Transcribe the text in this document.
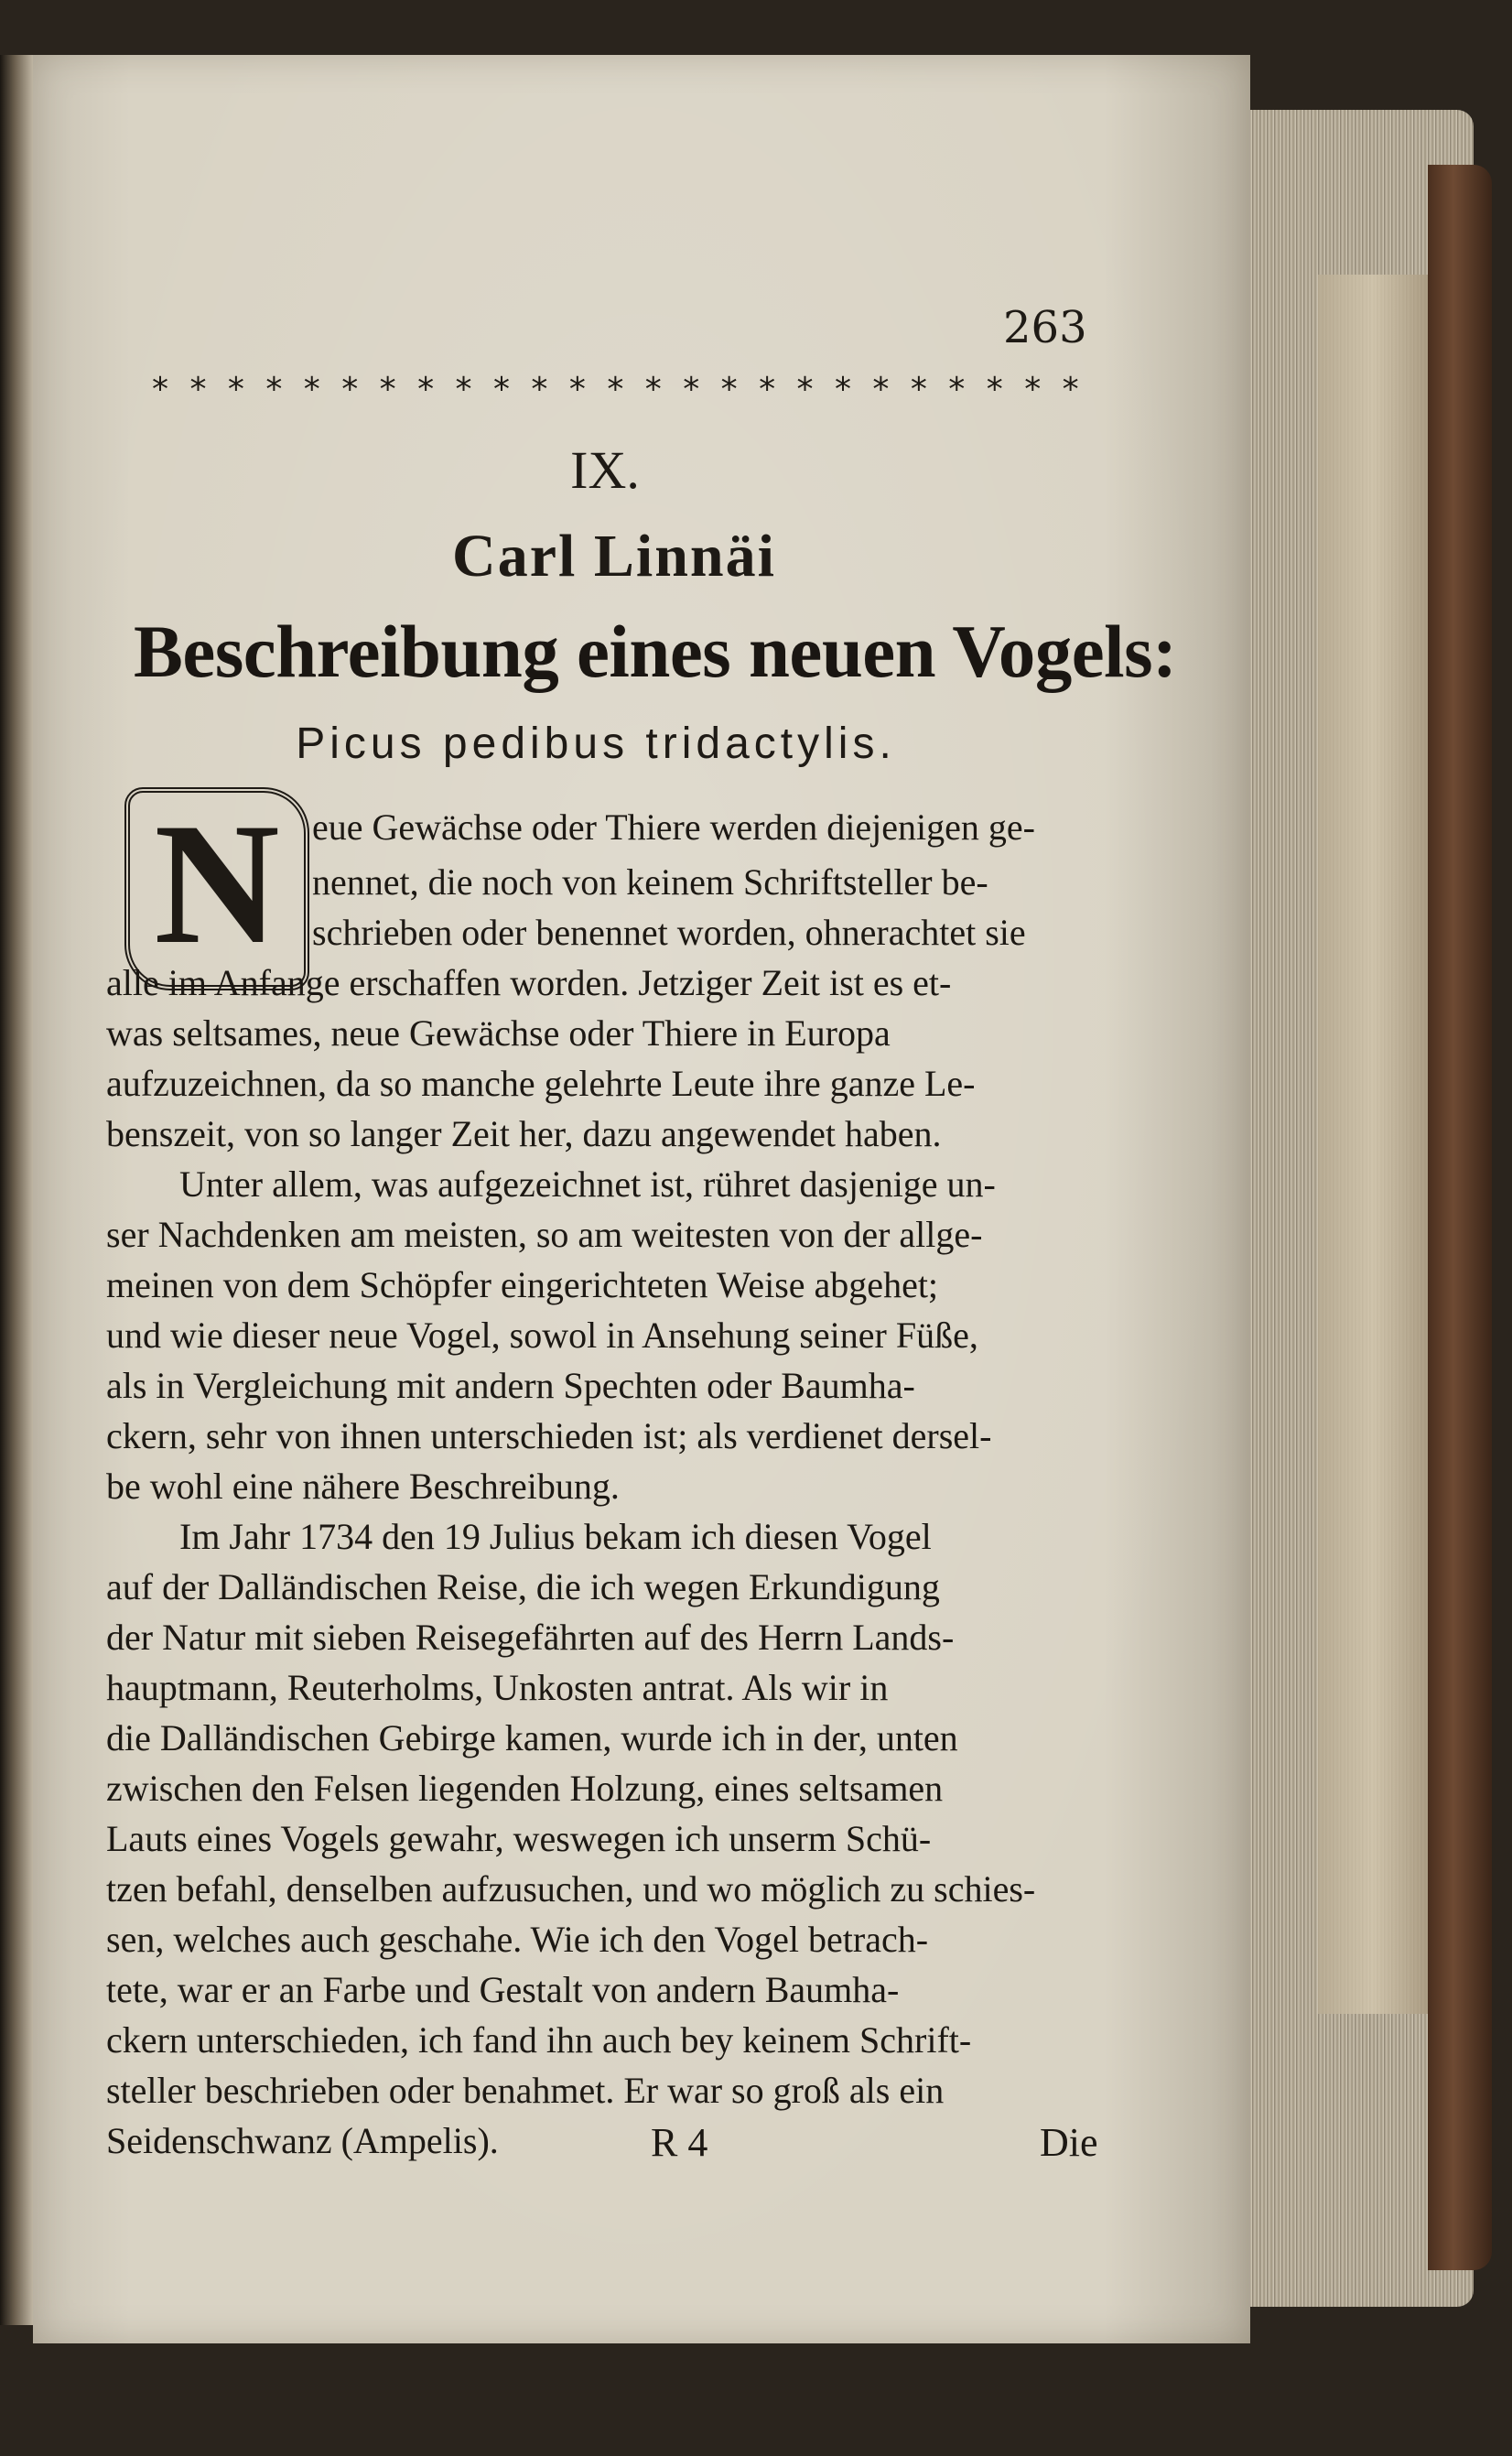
263
* * * * * * * * * * * * * * * * * * * * * * * * *
IX.
Carl Linnäi
Beschreibung eines neuen Vogels:
Picus pedibus tridactylis.
N eue Gewächse oder Thiere werden diejenigen ge-
nennet, die noch von keinem Schriftsteller be-
schrieben oder benennet worden, ohnerachtet sie
alle im Anfange erschaffen worden. Jetziger Zeit ist es et-
was seltsames, neue Gewächse oder Thiere in Europa
aufzuzeichnen, da so manche gelehrte Leute ihre ganze Le-
benszeit, von so langer Zeit her, dazu angewendet haben.
Unter allem, was aufgezeichnet ist, rühret dasjenige un-
ser Nachdenken am meisten, so am weitesten von der allge-
meinen von dem Schöpfer eingerichteten Weise abgehet;
und wie dieser neue Vogel, sowol in Ansehung seiner Füße,
als in Vergleichung mit andern Spechten oder Baumha-
ckern, sehr von ihnen unterschieden ist; als verdienet dersel-
be wohl eine nähere Beschreibung.
Im Jahr 1734 den 19 Julius bekam ich diesen Vogel
auf der Dalländischen Reise, die ich wegen Erkundigung
der Natur mit sieben Reisegefährten auf des Herrn Lands-
hauptmann, Reuterholms, Unkosten antrat. Als wir in
die Dalländischen Gebirge kamen, wurde ich in der, unten
zwischen den Felsen liegenden Holzung, eines seltsamen
Lauts eines Vogels gewahr, weswegen ich unserm Schü-
tzen befahl, denselben aufzusuchen, und wo möglich zu schies-
sen, welches auch geschahe. Wie ich den Vogel betrach-
tete, war er an Farbe und Gestalt von andern Baumha-
ckern unterschieden, ich fand ihn auch bey keinem Schrift-
steller beschrieben oder benahmet. Er war so groß als ein
Seidenschwanz (Ampelis).	R 4	Die
